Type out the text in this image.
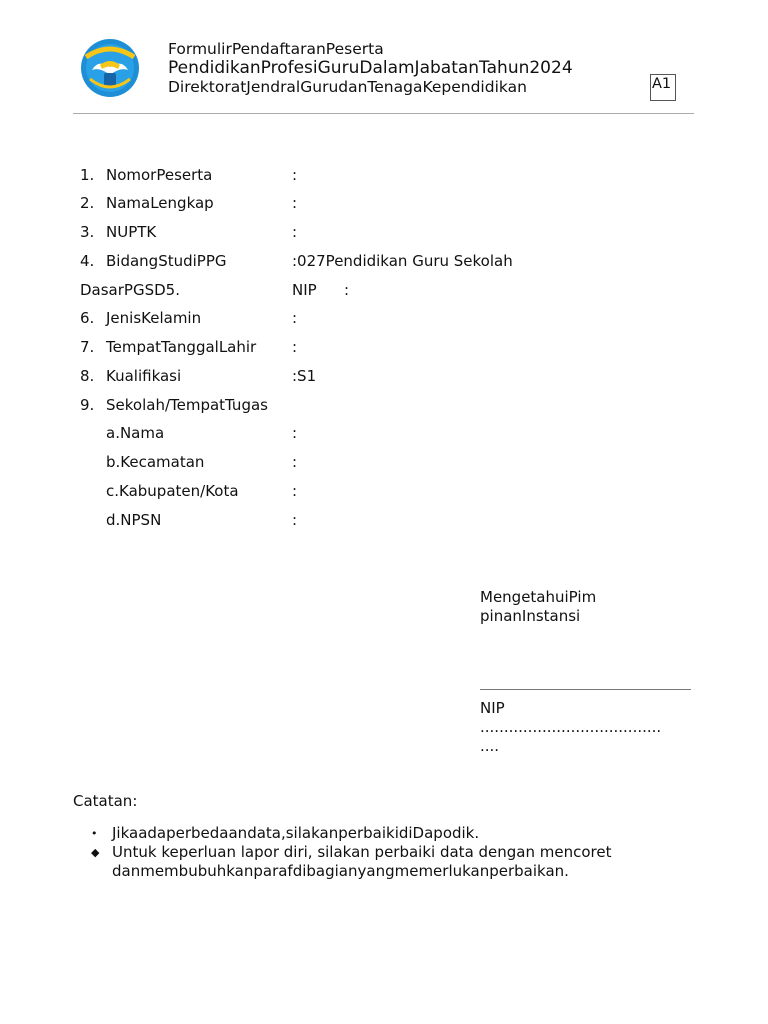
FormulirPendaftaranPeserta
PendidikanProfesiGuruDalamJabatanTahun2024
DirektoratJendralGurudanTenagaKependidikan	A1
1. NomorPeserta	:
2. NamaLengkap	:
3. NUPTK	:
4. BidangStudiPPG	:027Pendidikan Guru Sekolah
DasarPGSD5.	NIP :
6. JenisKelamin	:
7. TempatTanggalLahir :
8. Kualifikasi	:S1
9. Sekolah/TempatTugas
a.Nama	:
b.Kecamatan	:
c.Kabupaten/Kota	:
d.NPSN	:
MengetahuiPim
pinanInstansi
NIP
......................................
....
Catatan:
• Jikaadaperbedaandata,silakanperbaikidiDapodik.
◆ Untuk keperluan lapor diri, silakan perbaiki data dengan mencoret danmembubuhkanparafdibagianyangmemerlukanperbaikan.
